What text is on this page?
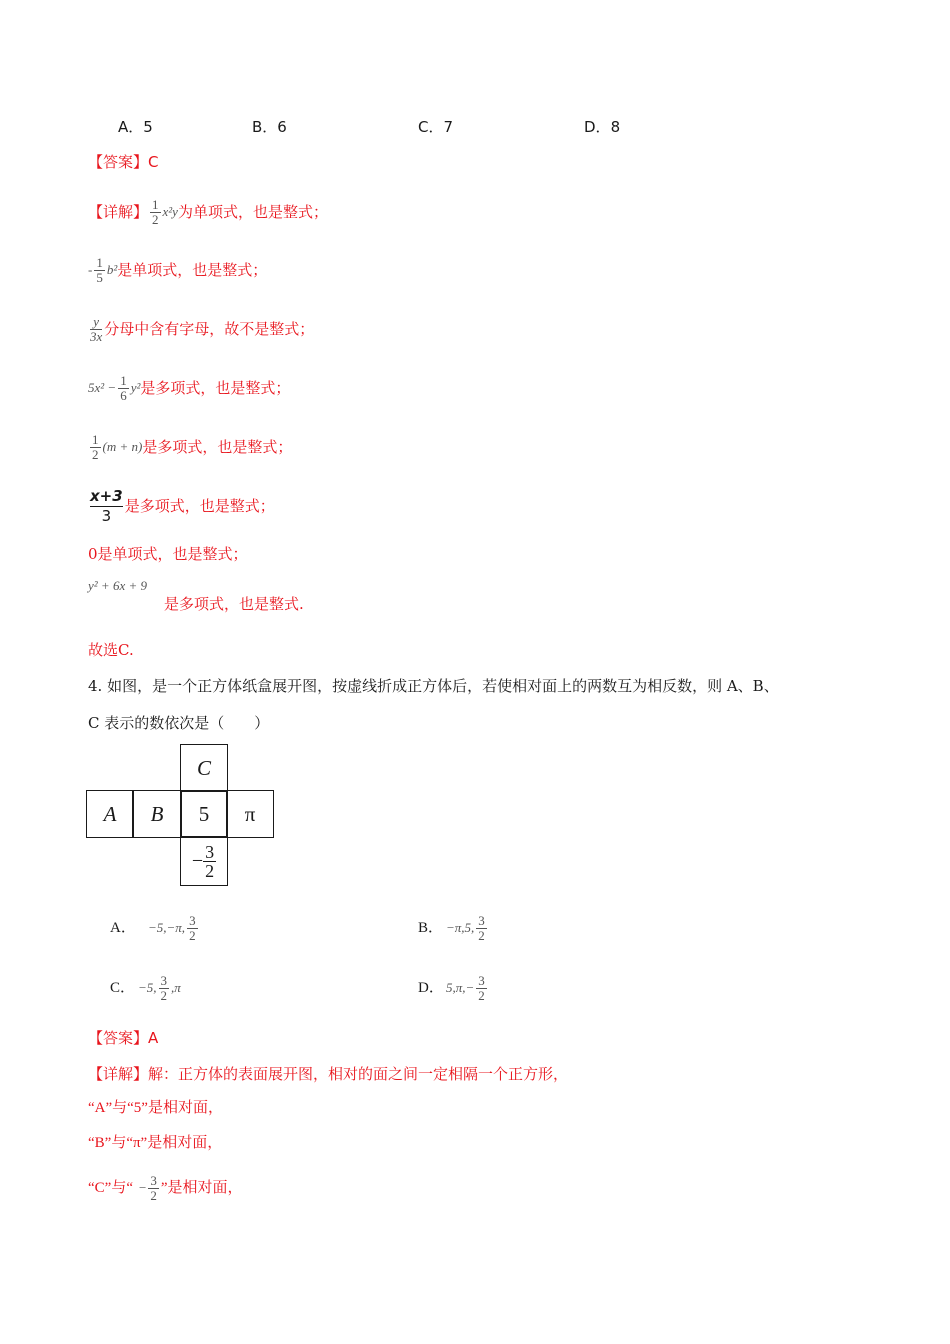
A．5	B．6	C．7	D．8
【答案】C
【详解】 $\frac{1}{2} x^2y$ 为单项式，也是整式；
- $\frac{1}{5} b^2$ 是单项式，也是整式；
$\frac{y}{3x}$ 分母中含有字母，故不是整式；
$5x^2 - \frac{1}{6} y^2$ 是多项式，也是整式；
$\frac{1}{2} (m + n)$ 是多项式，也是整式；
$\frac{x+3}{3}$ 是多项式，也是整式；
0是单项式，也是整式；
y² + 6x + 9
是多项式，也是整式.
故选C.
4. 如图，是一个正方体纸盒展开图，按虚线折成正方体后，若使相对面上的两数互为相反数，则 A、B、
C 表示的数依次是（　　）
C
A B 5 π
− $\frac{3}{2}$
A． −5,−π, $\frac{3}{2}$	B． −π,5, $\frac{3}{2}$
C． −5, $\frac{3}{2} ,\pi$	D． $5,\pi,- \frac{3}{2}$
【答案】A
【详解】解：正方体的表面展开图，相对的面之间一定相隔一个正方形，
“A”与“5”是相对面，
“B”与“π”是相对面，
“C”与“ − $\frac{3}{2}$ ”是相对面，
